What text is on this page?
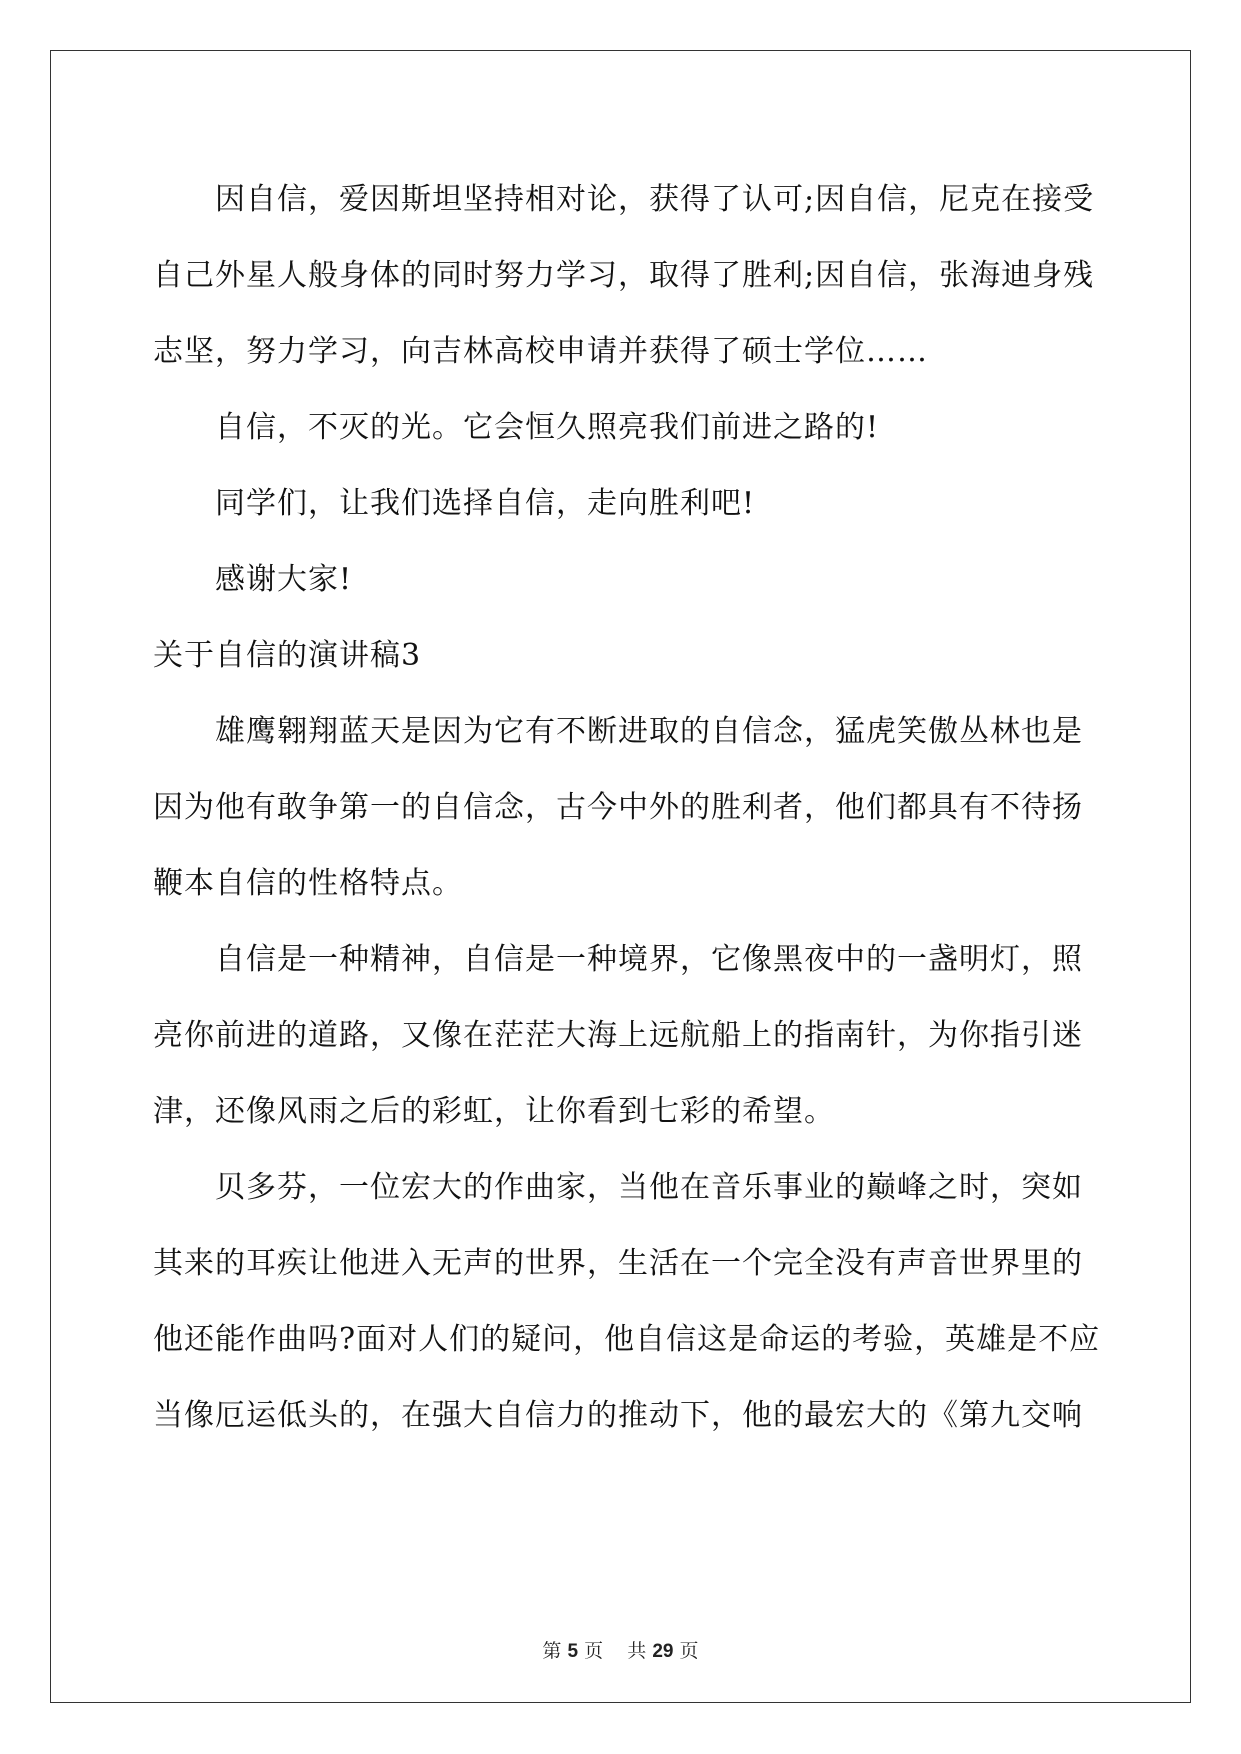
因自信，爱因斯坦坚持相对论，获得了认可;因自信，尼克在接受
自己外星人般身体的同时努力学习，取得了胜利;因自信，张海迪身残
志坚，努力学习，向吉林高校申请并获得了硕士学位……
自信，不灭的光。它会恒久照亮我们前进之路的!
同学们，让我们选择自信，走向胜利吧!
感谢大家!
关于自信的演讲稿3
雄鹰翱翔蓝天是因为它有不断进取的自信念，猛虎笑傲丛林也是
因为他有敢争第一的自信念，古今中外的胜利者，他们都具有不待扬
鞭本自信的性格特点。
自信是一种精神，自信是一种境界，它像黑夜中的一盏明灯，照
亮你前进的道路，又像在茫茫大海上远航船上的指南针，为你指引迷
津，还像风雨之后的彩虹，让你看到七彩的希望。
贝多芬，一位宏大的作曲家，当他在音乐事业的巅峰之时，突如
其来的耳疾让他进入无声的世界，生活在一个完全没有声音世界里的
他还能作曲吗?面对人们的疑问，他自信这是命运的考验，英雄是不应
当像厄运低头的，在强大自信力的推动下，他的最宏大的《第九交响
第 5 页 共 29 页
